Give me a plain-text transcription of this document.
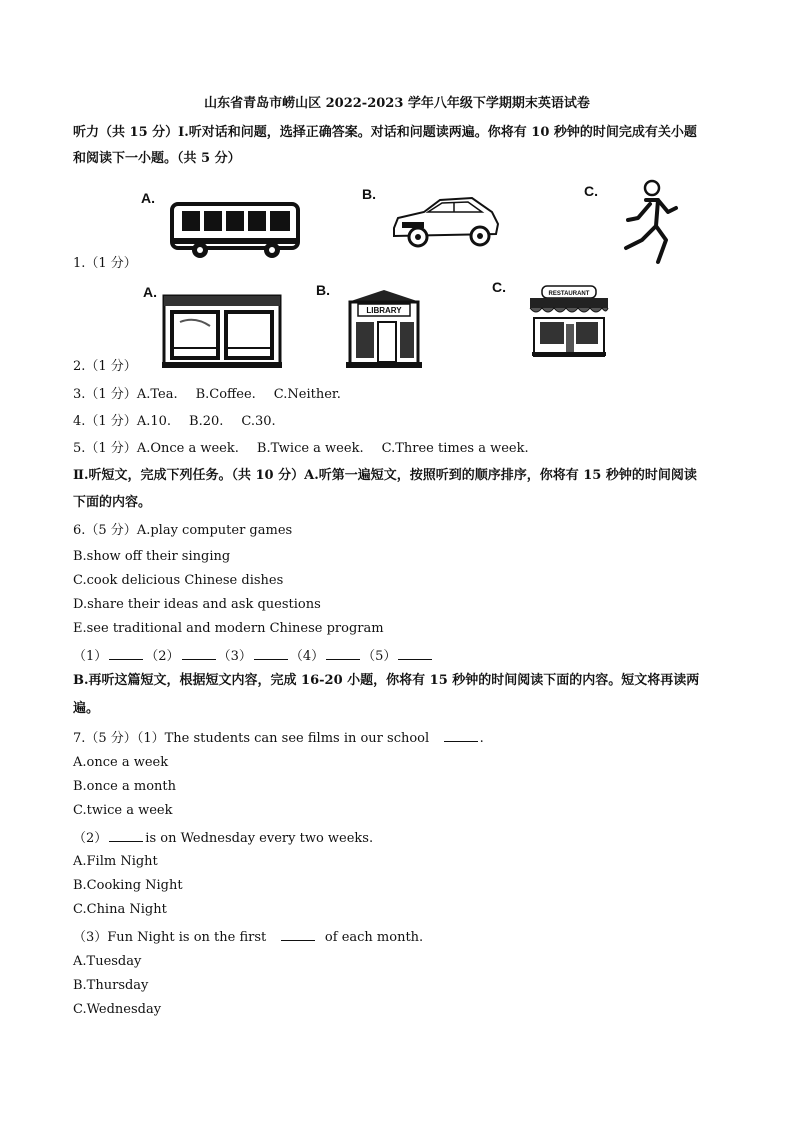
山东省青岛市崂山区 2022-2023 学年八年级下学期期末英语试卷
听力（共 15 分）I.听对话和问题，选择正确答案。对话和问题读两遍。你将有 10 秒钟的时间完成有关小题
和阅读下一小题。（共 5 分）
A.	B.	C.
1.（1 分）
A.	B.
LIBRARY
C.	RESTAURANT
2.（1 分）
3.（1 分）A.Tea. B.Coffee. C.Neither.
4.（1 分）A.10. B.20. C.30.
5.（1 分）A.Once a week. B.Twice a week. C.Three times a week.
Ⅱ.听短文，完成下列任务。（共 10 分）A.听第一遍短文，按照听到的顺序排序，你将有 15 秒钟的时间阅读
下面的内容。
6.（5 分）A.play computer games
B.show off their singing
C.cook delicious Chinese dishes
D.share their ideas and ask questions
E.see traditional and modern Chinese program
（1）	（2）	（3）	（4）	（5）
B.再听这篇短文，根据短文内容，完成 16-20 小题，你将有 15 秒钟的时间阅读下面的内容。短文将再读两
遍。
7.（5 分）（1）The students can see films in our school	.
A.once a week
B.once a month
C.twice a week
（2）	is on Wednesday every two weeks.
A.Film Night
B.Cooking Night
C.China Night
（3）Fun Night is on the first	of each month.
A.Tuesday
B.Thursday
C.Wednesday
